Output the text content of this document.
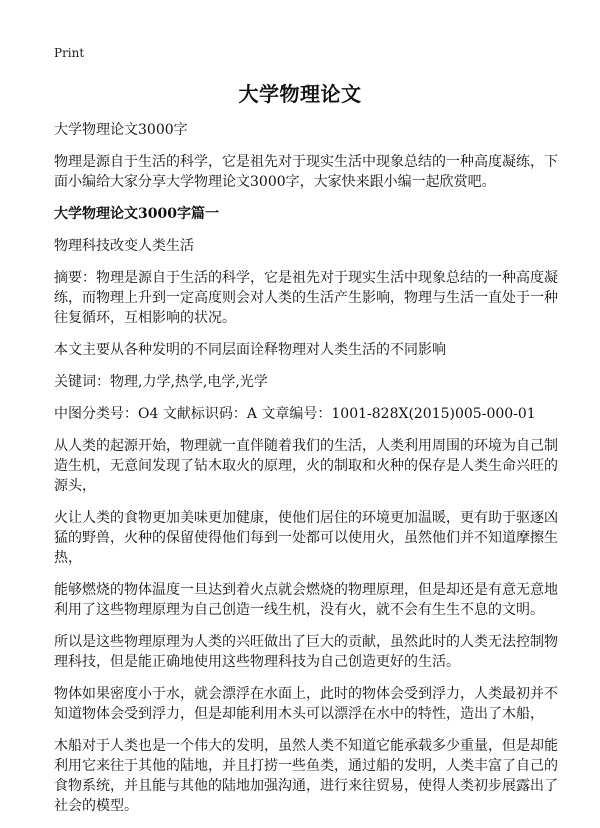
Print
大学物理论文

大学物理论文3000字

物理是源自于生活的科学，它是祖先对于现实生活中现象总结的一种高度凝练，下面小编给大家分享大学物理论文3000字，大家快来跟小编一起欣赏吧。

大学物理论文3000字篇一

物理科技改变人类生活

摘要：物理是源自于生活的科学，它是祖先对于现实生活中现象总结的一种高度凝练，而物理上升到一定高度则会对人类的生活产生影响，物理与生活一直处于一种往复循环，互相影响的状况。

本文主要从各种发明的不同层面诠释物理对人类生活的不同影响

关键词：物理,力学,热学,电学,光学

中图分类号：O4 文献标识码：A 文章编号：1001-828X(2015)005-000-01

从人类的起源开始，物理就一直伴随着我们的生活，人类利用周围的环境为自己制造生机，无意间发现了钻木取火的原理，火的制取和火种的保存是人类生命兴旺的源头，

火让人类的食物更加美味更加健康，使他们居住的环境更加温暖，更有助于驱逐凶猛的野兽，火种的保留使得他们每到一处都可以使用火，虽然他们并不知道摩擦生热，

能够燃烧的物体温度一旦达到着火点就会燃烧的物理原理，但是却还是有意无意地利用了这些物理原理为自己创造一线生机，没有火，就不会有生生不息的文明。

所以是这些物理原理为人类的兴旺做出了巨大的贡献，虽然此时的人类无法控制物理科技，但是能正确地使用这些物理科技为自己创造更好的生活。

物体如果密度小于水，就会漂浮在水面上，此时的物体会受到浮力，人类最初并不知道物体会受到浮力，但是却能利用木头可以漂浮在水中的特性，造出了木船，

木船对于人类也是一个伟大的发明，虽然人类不知道它能承载多少重量，但是却能利用它来往于其他的陆地，并且打捞一些鱼类，通过船的发明，人类丰富了自己的食物系统，并且能与其他的陆地加强沟通，进行来往贸易，使得人类初步展露出了社会的模型。
